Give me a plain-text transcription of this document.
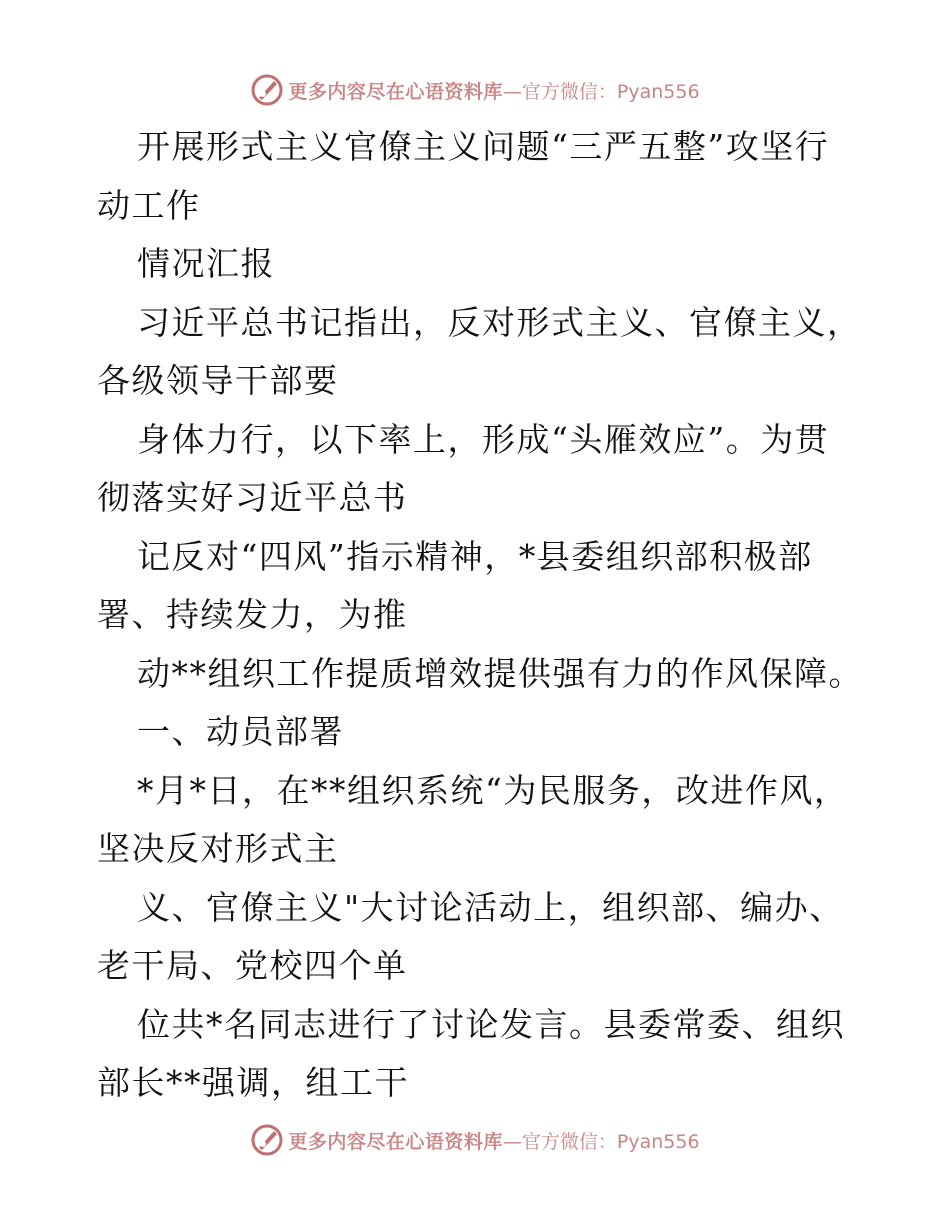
更多内容尽在心语资料库 —官方微信：Pyan556
开展形式主义官僚主义问题“三严五整”攻坚行
动工作
情况汇报
习近平总书记指出，反对形式主义、官僚主义，
各级领导干部要
身体力行，以下率上，形成“头雁效应”。为贯
彻落实好习近平总书
记反对“四风”指示精神，*县委组织部积极部
署、持续发力，为推
动**组织工作提质增效提供强有力的作风保障。
一、动员部署
*月*日，在**组织系统“为民服务，改进作风，
坚决反对形式主
义、官僚主义"大讨论活动上，组织部、编办、
老干局、党校四个单
位共*名同志进行了讨论发言。县委常委、组织
部长**强调，组工干
更多内容尽在心语资料库 —官方微信：Pyan556
